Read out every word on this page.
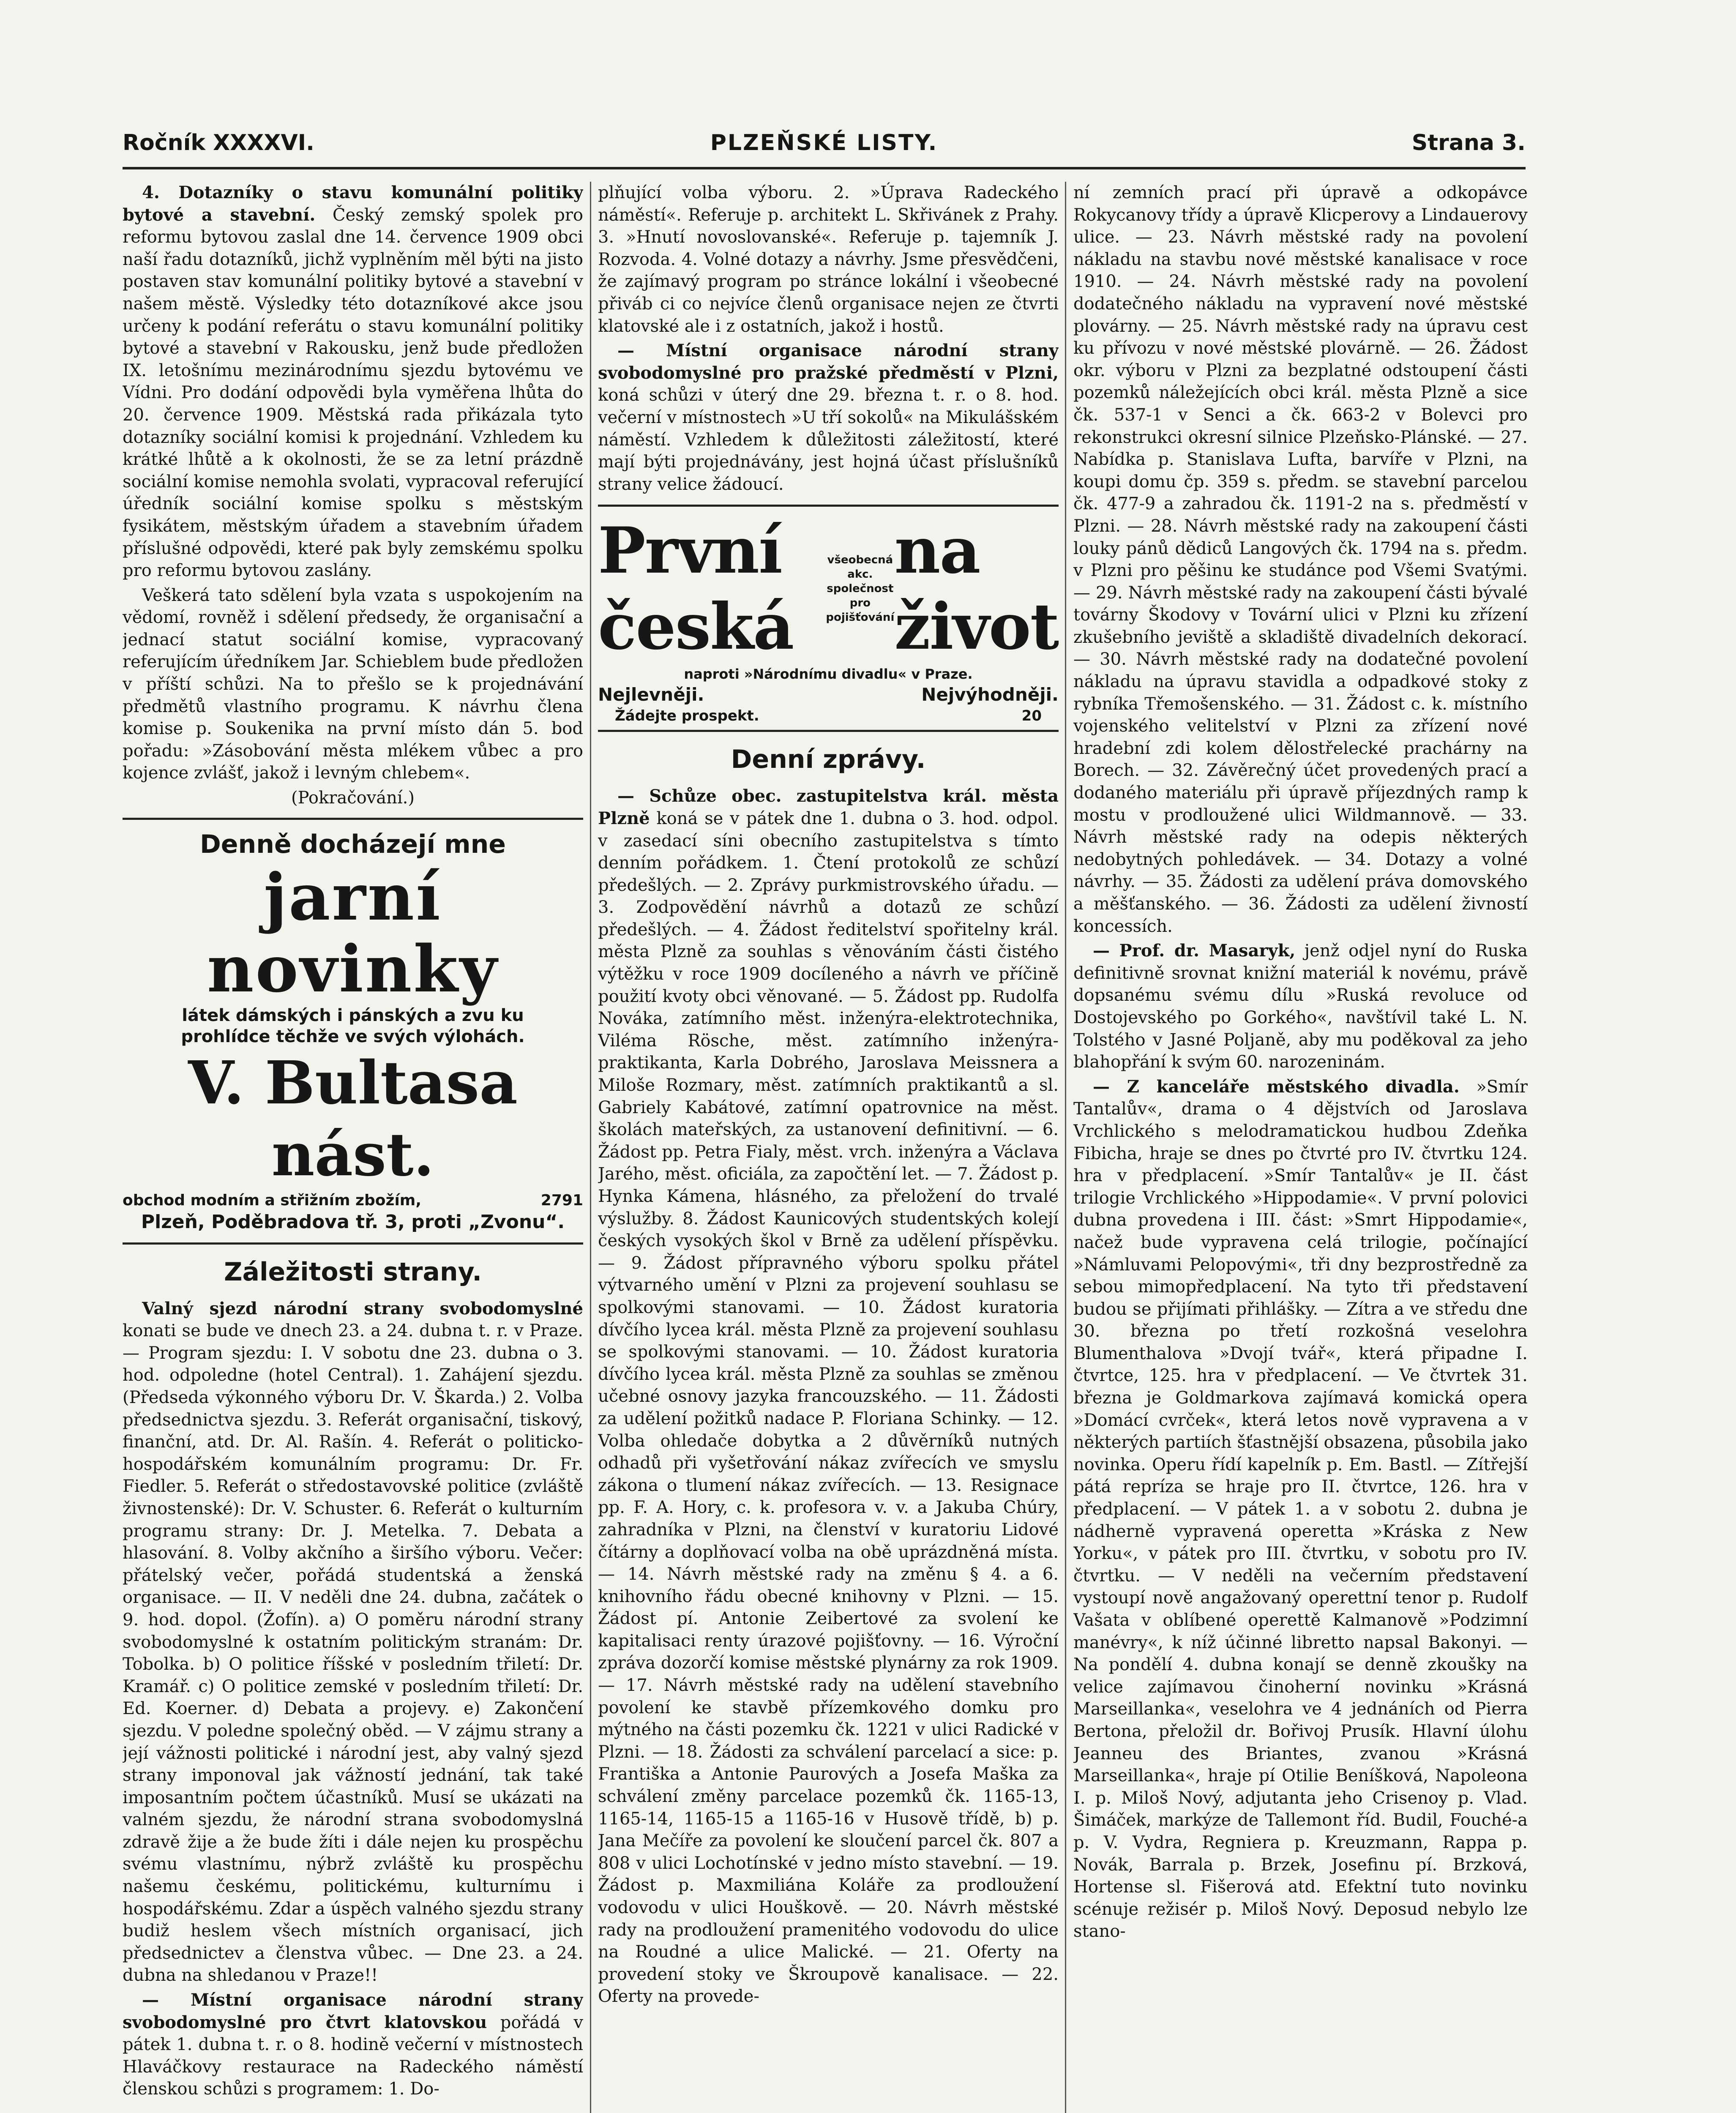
PLZEŇSKÉ LISTY.
Ročník XXXXVI.	Strana 3.

4. Dotazníky o stavu komunální politiky bytové a stavební. Český zemský spolek pro reformu bytovou zaslal dne 14. července 1909 obci naší řadu dotazníků, jichž vyplněním měl býti na jisto postaven stav komunální politiky bytové a stavební v našem městě. Výsledky této dotazníkové akce jsou určeny k podání referátu o stavu komunální politiky bytové a stavební v Rakousku, jenž bude předložen IX. letošnímu mezinárodnímu sjezdu bytovému ve Vídni. Pro dodání odpovědi byla vyměřena lhůta do 20. července 1909. Městská rada přikázala tyto dotazníky sociální komisi k projednání. Vzhledem ku krátké lhůtě a k okolnosti, že se za letní prázdně sociální komise nemohla svolati, vypracoval referující úředník sociální komise spolku s městským fysikátem, městským úřadem a stavebním úřadem příslušné odpovědi, které pak byly zemskému spolku pro reformu bytovou zaslány.

Veškerá tato sdělení byla vzata s uspokojením na vědomí, rovněž i sdělení předsedy, že organisační a jednací statut sociální komise, vypracovaný referujícím úředníkem Jar. Schieblem bude předložen v příští schůzi. Na to přešlo se k projednávání předmětů vlastního programu. K návrhu člena komise p. Soukenika na první místo dán 5. bod pořadu: »Zásobování města mlékem vůbec a pro kojence zvlášť, jakož i levným chlebem«.

(Pokračování.)

Denně docházejí mne
jarní novinky
látek dámských i pánských a zvu ku
prohlídce těchže ve svých výlohách.
V. Bultasa nást.
obchod modním a střižním zbožím,	2791
Plzeň, Poděbradova tř. 3, proti „Zvonu“.
Záležitosti strany.

Valný sjezd národní strany svobodomyslné konati se bude ve dnech 23. a 24. dubna t. r. v Praze. — Program sjezdu: I. V sobotu dne 23. dubna o 3. hod. odpoledne (hotel Central). 1. Zahájení sjezdu. (Předseda výkonného výboru Dr. V. Škarda.) 2. Volba předsednictva sjezdu. 3. Referát organisační, tiskový, finanční, atd. Dr. Al. Rašín. 4. Referát o politicko-hospodářském komunálním programu: Dr. Fr. Fiedler. 5. Referát o středostavovské politice (zvláště živnostenské): Dr. V. Schuster. 6. Referát o kulturním programu strany: Dr. J. Metelka. 7. Debata a hlasování. 8. Volby akčního a širšího výboru. Večer: přátelský večer, pořádá studentská a ženská organisace. — II. V neděli dne 24. dubna, začátek o 9. hod. dopol. (Žofín). a) O poměru národní strany svobodomyslné k ostatním politickým stranám: Dr. Tobolka. b) O politice říšské v posledním třiletí: Dr. Kramář. c) O politice zemské v posledním třiletí: Dr. Ed. Koerner. d) Debata a projevy. e) Zakončení sjezdu. V poledne společný oběd. — V zájmu strany a její vážnosti politické i národní jest, aby valný sjezd strany imponoval jak vážností jednání, tak také imposantním počtem účastníků. Musí se ukázati na valném sjezdu, že národní strana svobodomyslná zdravě žije a že bude žíti i dále nejen ku prospěchu svému vlastnímu, nýbrž zvláště ku prospěchu našemu českému, politickému, kulturnímu i hospodářskému. Zdar a úspěch valného sjezdu strany budiž heslem všech místních organisací, jich předsednictev a členstva vůbec. — Dne 23. a 24. dubna na shledanou v Praze!!

— Místní organisace národní strany svobodomyslné pro čtvrt klatovskou pořádá v pátek 1. dubna t. r. o 8. hodině večerní v místnostech Hlaváčkovy restaurace na Radeckého náměstí členskou schůzi s programem: 1. Do-

plňující volba výboru. 2. »Úprava Radeckého náměstí«. Referuje p. architekt L. Skřivánek z Prahy. 3. »Hnutí novoslovanské«. Referuje p. tajemník J. Rozvoda. 4. Volné dotazy a návrhy. Jsme přesvědčeni, že zajímavý program po stránce lokální i všeobecné přiváb ci co nejvíce členů organisace nejen ze čtvrti klatovské ale i z ostatních, jakož i hostů.

— Místní organisace národní strany svobodomyslné pro pražské předměstí v Plzni, koná schůzi v úterý dne 29. března t. r. o 8. hod. večerní v místnostech »U tří sokolů« na Mikulášském náměstí. Vzhledem k důležitosti záležitostí, které mají býti projednávány, jest hojná účast příslušníků strany velice žádoucí.

První česká
všeobecná akc.
společnost
pro pojišťování
na život
naproti »Národnímu divadlu« v Praze.
Nejlevněji.	Nejvýhodněji.
Žádejte prospekt.	20
Denní zprávy.

— Schůze obec. zastupitelstva král. města Plzně koná se v pátek dne 1. dubna o 3. hod. odpol. v zasedací síni obecního zastupitelstva s tímto denním pořádkem. 1. Čtení protokolů ze schůzí předešlých. — 2. Zprávy purkmistrovského úřadu. — 3. Zodpovědění návrhů a dotazů ze schůzí předešlých. — 4. Žádost ředitelství spořitelny král. města Plzně za souhlas s věnováním části čistého výtěžku v roce 1909 docíleného a návrh ve příčině použití kvoty obci věnované. — 5. Žádost pp. Rudolfa Nováka, zatímního měst. inženýra-elektrotechnika, Viléma Rösche, měst. zatímního inženýra-praktikanta, Karla Dobrého, Jaroslava Meissnera a Miloše Rozmary, měst. zatímních praktikantů a sl. Gabriely Kabátové, zatímní opatrovnice na měst. školách mateřských, za ustanovení definitivní. — 6. Žádost pp. Petra Fialy, měst. vrch. inženýra a Václava Jarého, měst. oficiála, za započtění let. — 7. Žádost p. Hynka Kámena, hlásného, za přeložení do trvalé výslužby. 8. Žádost Kaunicových studentských kolejí českých vysokých škol v Brně za udělení příspěvku. — 9. Žádost přípravného výboru spolku přátel výtvarného umění v Plzni za projevení souhlasu se spolkovými stanovami. — 10. Žádost kuratoria dívčího lycea král. města Plzně za projevení souhlasu se spolkovými stanovami. — 10. Žádost kuratoria dívčího lycea král. města Plzně za souhlas se změnou učebné osnovy jazyka francouzského. — 11. Žádosti za udělení požitků nadace P. Floriana Schinky. — 12. Volba ohledače dobytka a 2 důvěrníků nutných odhadů při vyšetřování nákaz zvířecích ve smyslu zákona o tlumení nákaz zvířecích. — 13. Resignace pp. F. A. Hory, c. k. profesora v. v. a Jakuba Chúry, zahradníka v Plzni, na členství v kuratoriu Lidové čítárny a doplňovací volba na obě uprázdněná místa. — 14. Návrh městské rady na změnu § 4. a 6. knihovního řádu obecné knihovny v Plzni. — 15. Žádost pí. Antonie Zeibertové za svolení ke kapitalisaci renty úrazové pojišťovny. — 16. Výroční zpráva dozorčí komise městské plynárny za rok 1909. — 17. Návrh městské rady na udělení stavebního povolení ke stavbě přízemkového domku pro mýtného na části pozemku čk. 1221 v ulici Radické v Plzni. — 18. Žádosti za schválení parcelací a sice: p. Františka a Antonie Paurových a Josefa Maška za schválení změny parcelace pozemků čk. 1165-13, 1165-14, 1165-15 a 1165-16 v Husově třídě, b) p. Jana Mečíře za povolení ke sloučení parcel čk. 807 a 808 v ulici Lochotínské v jedno místo stavební. — 19. Žádost p. Maxmiliána Koláře za prodloužení vodovodu v ulici Houškově. — 20. Návrh městské rady na prodloužení pramenitého vodovodu do ulice na Roudné a ulice Malické. — 21. Oferty na provedení stoky ve Škroupově kanalisace. — 22. Oferty na provede-

ní zemních prací při úpravě a odkopávce Rokycanovy třídy a úpravě Klicperovy a Lindauerovy ulice. — 23. Návrh městské rady na povolení nákladu na stavbu nové městské kanalisace v roce 1910. — 24. Návrh městské rady na povolení dodatečného nákladu na vypravení nové městské plovárny. — 25. Návrh městské rady na úpravu cest ku přívozu v nové městské plovárně. — 26. Žádost okr. výboru v Plzni za bezplatné odstoupení části pozemků náležejících obci král. města Plzně a sice čk. 537-1 v Senci a čk. 663-2 v Bolevci pro rekonstrukci okresní silnice Plzeňsko-Plánské. — 27. Nabídka p. Stanislava Lufta, barvíře v Plzni, na koupi domu čp. 359 s. předm. se stavební parcelou čk. 477-9 a zahradou čk. 1191-2 na s. předměstí v Plzni. — 28. Návrh městské rady na zakoupení části louky pánů dědiců Langových čk. 1794 na s. předm. v Plzni pro pěšinu ke studánce pod Všemi Svatými. — 29. Návrh městské rady na zakoupení části bývalé továrny Škodovy v Tovární ulici v Plzni ku zřízení zkušebního jeviště a skladiště divadelních dekorací. — 30. Návrh městské rady na dodatečné povolení nákladu na úpravu stavidla a odpadkové stoky z rybníka Třemošenského. — 31. Žádost c. k. místního vojenského velitelství v Plzni za zřízení nové hradební zdi kolem dělostřelecké prachárny na Borech. — 32. Závěrečný účet provedených prací a dodaného materiálu při úpravě příjezdných ramp k mostu v prodloužené ulici Wildmannově. — 33. Návrh městské rady na odepis některých nedobytných pohledávek. — 34. Dotazy a volné návrhy. — 35. Žádosti za udělení práva domovského a měšťanského. — 36. Žádosti za udělení živností koncessích.

— Prof. dr. Masaryk, jenž odjel nyní do Ruska definitivně srovnat knižní materiál k novému, právě dopsanému svému dílu »Ruská revoluce od Dostojevského po Gorkého«, navštívil také L. N. Tolstého v Jasné Poljaně, aby mu poděkoval za jeho blahopřání k svým 60. narozeninám.

— Z kanceláře městského divadla. »Smír Tantalův«, drama o 4 dějstvích od Jaroslava Vrchlického s melodramatickou hudbou Zdeňka Fibicha, hraje se dnes po čtvrté pro IV. čtvrtku 124. hra v předplacení. »Smír Tantalův« je II. část trilogie Vrchlického »Hippodamie«. V první polovici dubna provedena i III. část: »Smrt Hippodamie«, načež bude vypravena celá trilogie, počínající »Námluvami Pelopovými«, tři dny bezprostředně za sebou mimopředplacení. Na tyto tři představení budou se přijímati přihlášky. — Zítra a ve středu dne 30. března po třetí rozkošná veselohra Blumenthalova »Dvojí tvář«, která připadne I. čtvrtce, 125. hra v předplacení. — Ve čtvrtek 31. března je Goldmarkova zajímavá komická opera »Domácí cvrček«, která letos nově vypravena a v některých partiích šťastnější obsazena, působila jako novinka. Operu řídí kapelník p. Em. Bastl. — Zítřejší pátá repríza se hraje pro II. čtvrtce, 126. hra v předplacení. — V pátek 1. a v sobotu 2. dubna je nádherně vypravená operetta »Kráska z New Yorku«, v pátek pro III. čtvrtku, v sobotu pro IV. čtvrtku. — V neděli na večerním představení vystoupí nově angažovaný operettní tenor p. Rudolf Vašata v oblíbené operettě Kalmanově »Podzimní manévry«, k níž účinné libretto napsal Bakonyi. — Na pondělí 4. dubna konají se denně zkoušky na velice zajímavou činoherní novinku »Krásná Marseillanka«, veselohra ve 4 jednáních od Pierra Bertona, přeložil dr. Bořivoj Prusík. Hlavní úlohu Jeanneu des Briantes, zvanou »Krásná Marseillanka«, hraje pí Otilie Beníšková, Napoleona I. p. Miloš Nový, adjutanta jeho Crisenoy p. Vlad. Šimáček, markýze de Tallemont říd. Budil, Fouché-a p. V. Vydra, Regniera p. Kreuzmann, Rappa p. Novák, Barrala p. Brzek, Josefinu pí. Brzková, Hortense sl. Fišerová atd. Efektní tuto novinku scénuje režisér p. Miloš Nový. Deposud nebylo lze stano-
